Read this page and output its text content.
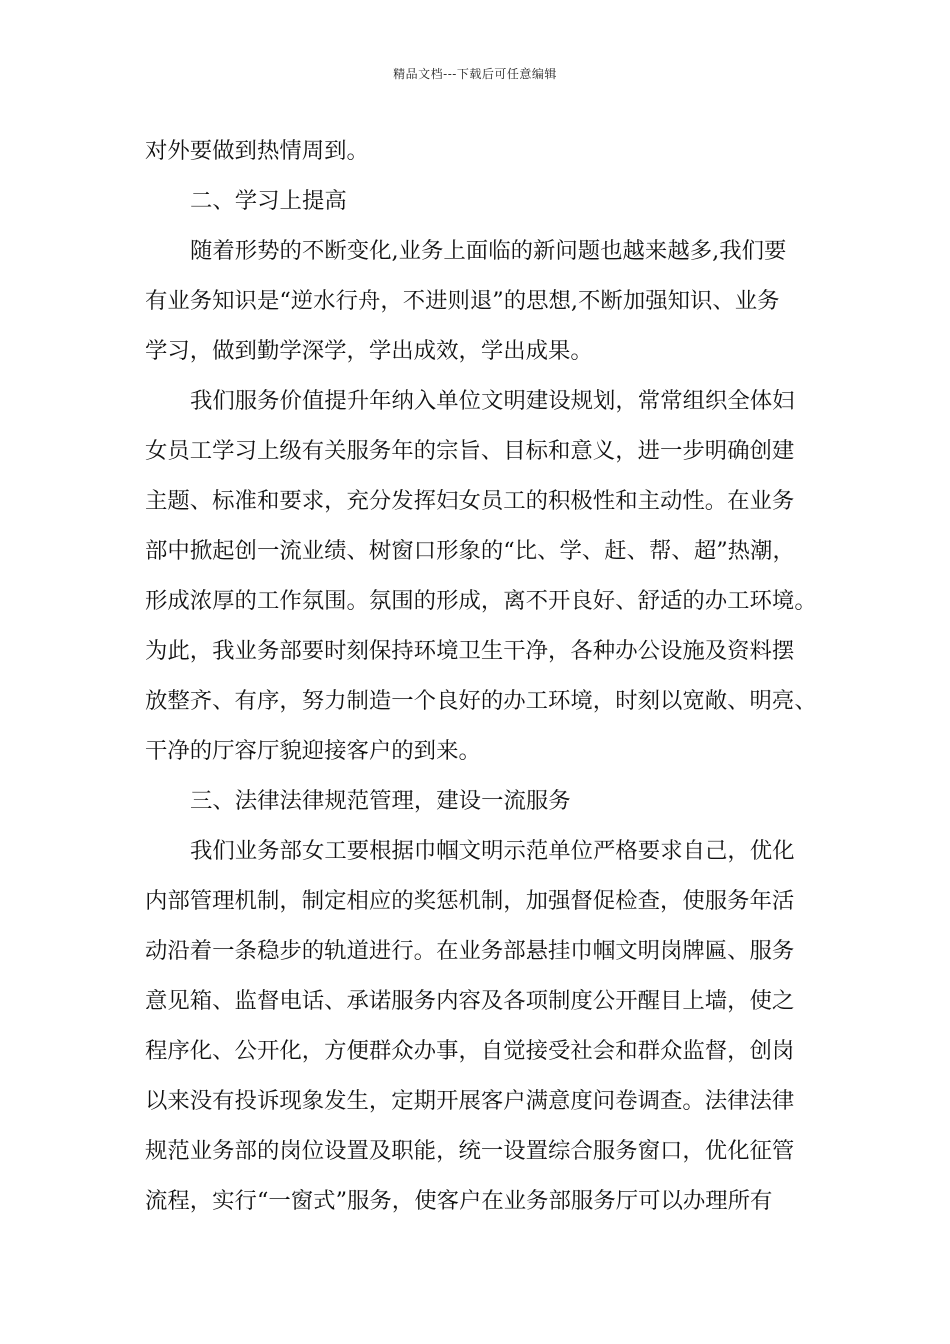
精品文档---下载后可任意编辑
对外要做到热情周到。
二、学习上提高
随着形势的不断变化,业务上面临的新问题也越来越多,我们要
有业务知识是“逆水行舟，不进则退”的思想,不断加强知识、业务
学习，做到勤学深学，学出成效，学出成果。
我们服务价值提升年纳入单位文明建设规划，常常组织全体妇
女员工学习上级有关服务年的宗旨、目标和意义，进一步明确创建
主题、标准和要求，充分发挥妇女员工的积极性和主动性。在业务
部中掀起创一流业绩、树窗口形象的“比、学、赶、帮、超”热潮，
形成浓厚的工作氛围。氛围的形成，离不开良好、舒适的办工环境。
为此，我业务部要时刻保持环境卫生干净，各种办公设施及资料摆
放整齐、有序，努力制造一个良好的办工环境，时刻以宽敞、明亮、
干净的厅容厅貌迎接客户的到来。
三、法律法律规范管理，建设一流服务
我们业务部女工要根据巾帼文明示范单位严格要求自己，优化
内部管理机制，制定相应的奖惩机制，加强督促检查，使服务年活
动沿着一条稳步的轨道进行。在业务部悬挂巾帼文明岗牌匾、服务
意见箱、监督电话、承诺服务内容及各项制度公开醒目上墙，使之
程序化、公开化，方便群众办事，自觉接受社会和群众监督，创岗
以来没有投诉现象发生，定期开展客户满意度问卷调查。法律法律
规范业务部的岗位设置及职能，统一设置综合服务窗口，优化征管
流程，实行“一窗式”服务，使客户在业务部服务厅可以办理所有
